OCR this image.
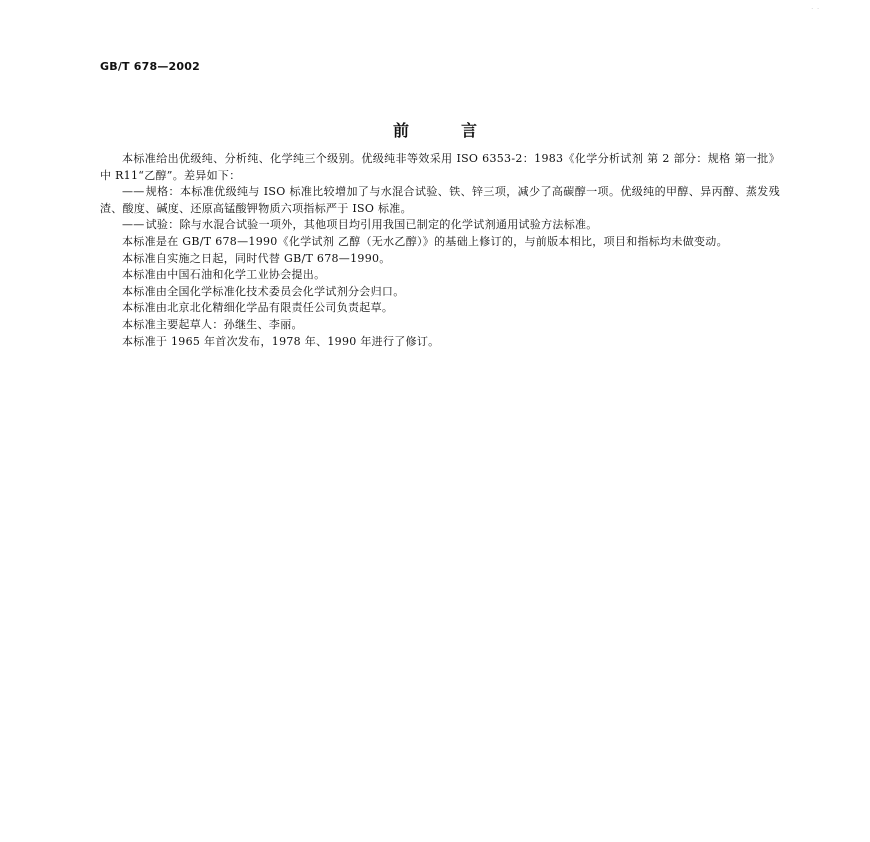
· ·
GB/T 678—2002
前言

本标准给出优级纯、分析纯、化学纯三个级别。优级纯非等效采用 ISO 6353-2：1983《化学分析试剂 第 2 部分：规格 第一批》中 R11“乙醇”。差异如下：

——规格：本标准优级纯与 ISO 标准比较增加了与水混合试验、铁、锌三项，减少了高碳醇一项。优级纯的甲醇、异丙醇、蒸发残渣、酸度、碱度、还原高锰酸钾物质六项指标严于 ISO 标准。

——试验：除与水混合试验一项外，其他项目均引用我国已制定的化学试剂通用试验方法标准。

本标准是在 GB/T 678—1990《化学试剂 乙醇（无水乙醇）》的基础上修订的，与前版本相比，项目和指标均未做变动。

本标准自实施之日起，同时代替 GB/T 678—1990。

本标准由中国石油和化学工业协会提出。

本标准由全国化学标准化技术委员会化学试剂分会归口。

本标准由北京北化精细化学品有限责任公司负责起草。

本标准主要起草人：孙继生、李丽。

本标准于 1965 年首次发布，1978 年、1990 年进行了修订。
